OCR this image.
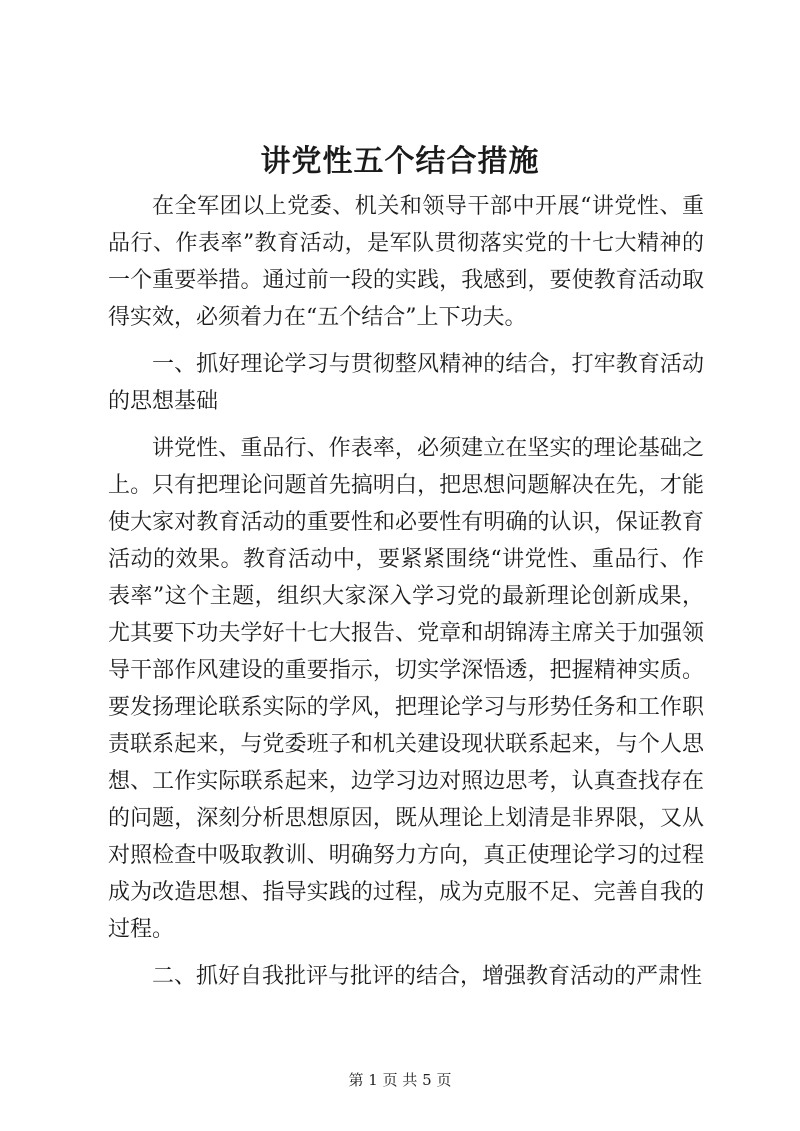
讲党性五个结合措施

在全军团以上党委、机关和领导干部中开展“讲党性、重品行、作表率”教育活动，是军队贯彻落实党的十七大精神的一个重要举措。通过前一段的实践，我感到，要使教育活动取得实效，必须着力在“五个结合”上下功夫。

一、抓好理论学习与贯彻整风精神的结合，打牢教育活动的思想基础

讲党性、重品行、作表率，必须建立在坚实的理论基础之上。只有把理论问题首先搞明白，把思想问题解决在先，才能使大家对教育活动的重要性和必要性有明确的认识，保证教育活动的效果。教育活动中，要紧紧围绕“讲党性、重品行、作表率”这个主题，组织大家深入学习党的最新理论创新成果，尤其要下功夫学好十七大报告、党章和胡锦涛主席关于加强领导干部作风建设的重要指示，切实学深悟透，把握精神实质。要发扬理论联系实际的学风，把理论学习与形势任务和工作职责联系起来，与党委班子和机关建设现状联系起来，与个人思想、工作实际联系起来，边学习边对照边思考，认真查找存在的问题，深刻分析思想原因，既从理论上划清是非界限，又从对照检查中吸取教训、明确努力方向，真正使理论学习的过程成为改造思想、指导实践的过程，成为克服不足、完善自我的过程。

二、抓好自我批评与批评的结合，增强教育活动的严肃性

第 1 页 共 5 页
